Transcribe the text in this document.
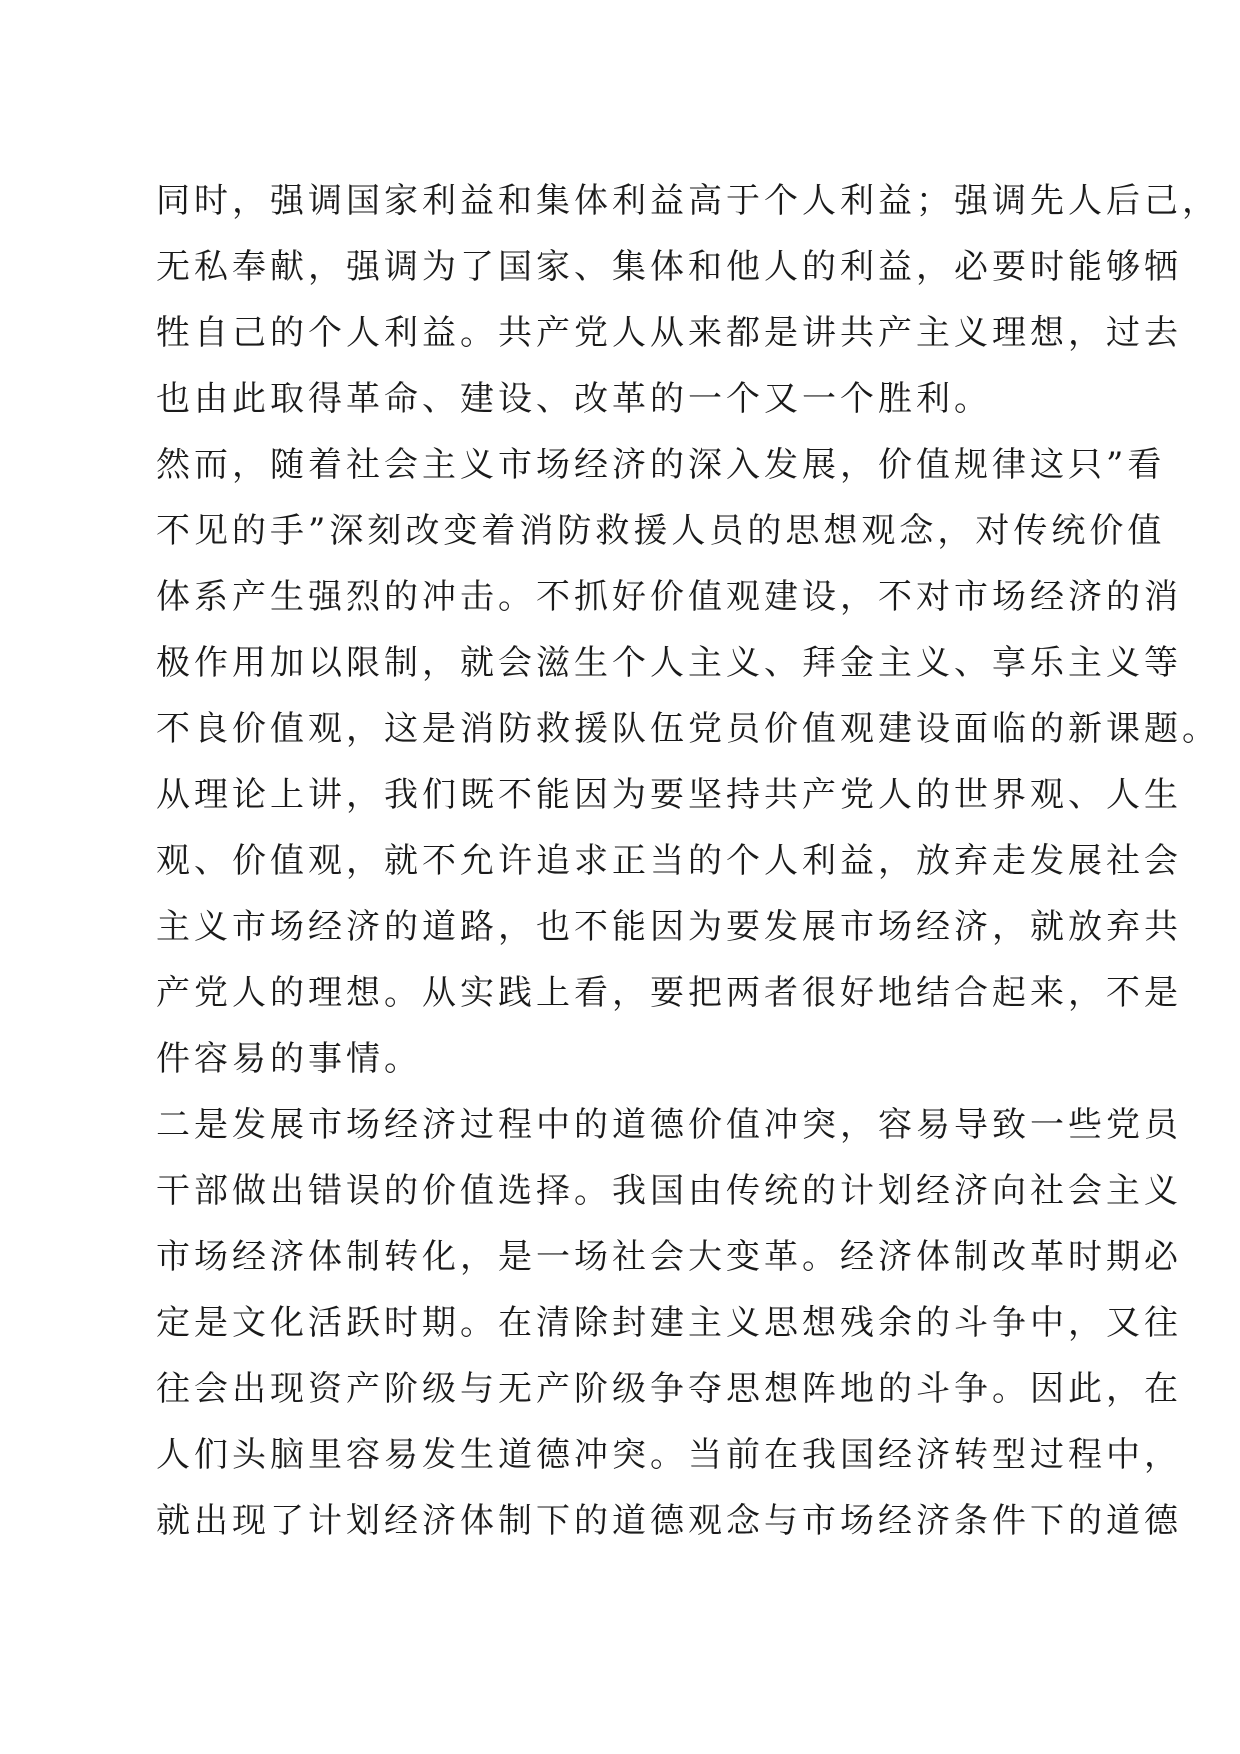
同时，强调国家利益和集体利益高于个人利益；强调先人后己，
无私奉献，强调为了国家、集体和他人的利益，必要时能够牺
牲自己的个人利益。共产党人从来都是讲共产主义理想，过去
也由此取得革命、建设、改革的一个又一个胜利。
然而，随着社会主义市场经济的深入发展，价值规律这只”看
不见的手”深刻改变着消防救援人员的思想观念，对传统价值
体系产生强烈的冲击。不抓好价值观建设，不对市场经济的消
极作用加以限制，就会滋生个人主义、拜金主义、享乐主义等
不良价值观，这是消防救援队伍党员价值观建设面临的新课题。
从理论上讲，我们既不能因为要坚持共产党人的世界观、人生
观、价值观，就不允许追求正当的个人利益，放弃走发展社会
主义市场经济的道路，也不能因为要发展市场经济，就放弃共
产党人的理想。从实践上看，要把两者很好地结合起来，不是
件容易的事情。
二是发展市场经济过程中的道德价值冲突，容易导致一些党员
干部做出错误的价值选择。我国由传统的计划经济向社会主义
市场经济体制转化，是一场社会大变革。经济体制改革时期必
定是文化活跃时期。在清除封建主义思想残余的斗争中，又往
往会出现资产阶级与无产阶级争夺思想阵地的斗争。因此，在
人们头脑里容易发生道德冲突。当前在我国经济转型过程中，
就出现了计划经济体制下的道德观念与市场经济条件下的道德
